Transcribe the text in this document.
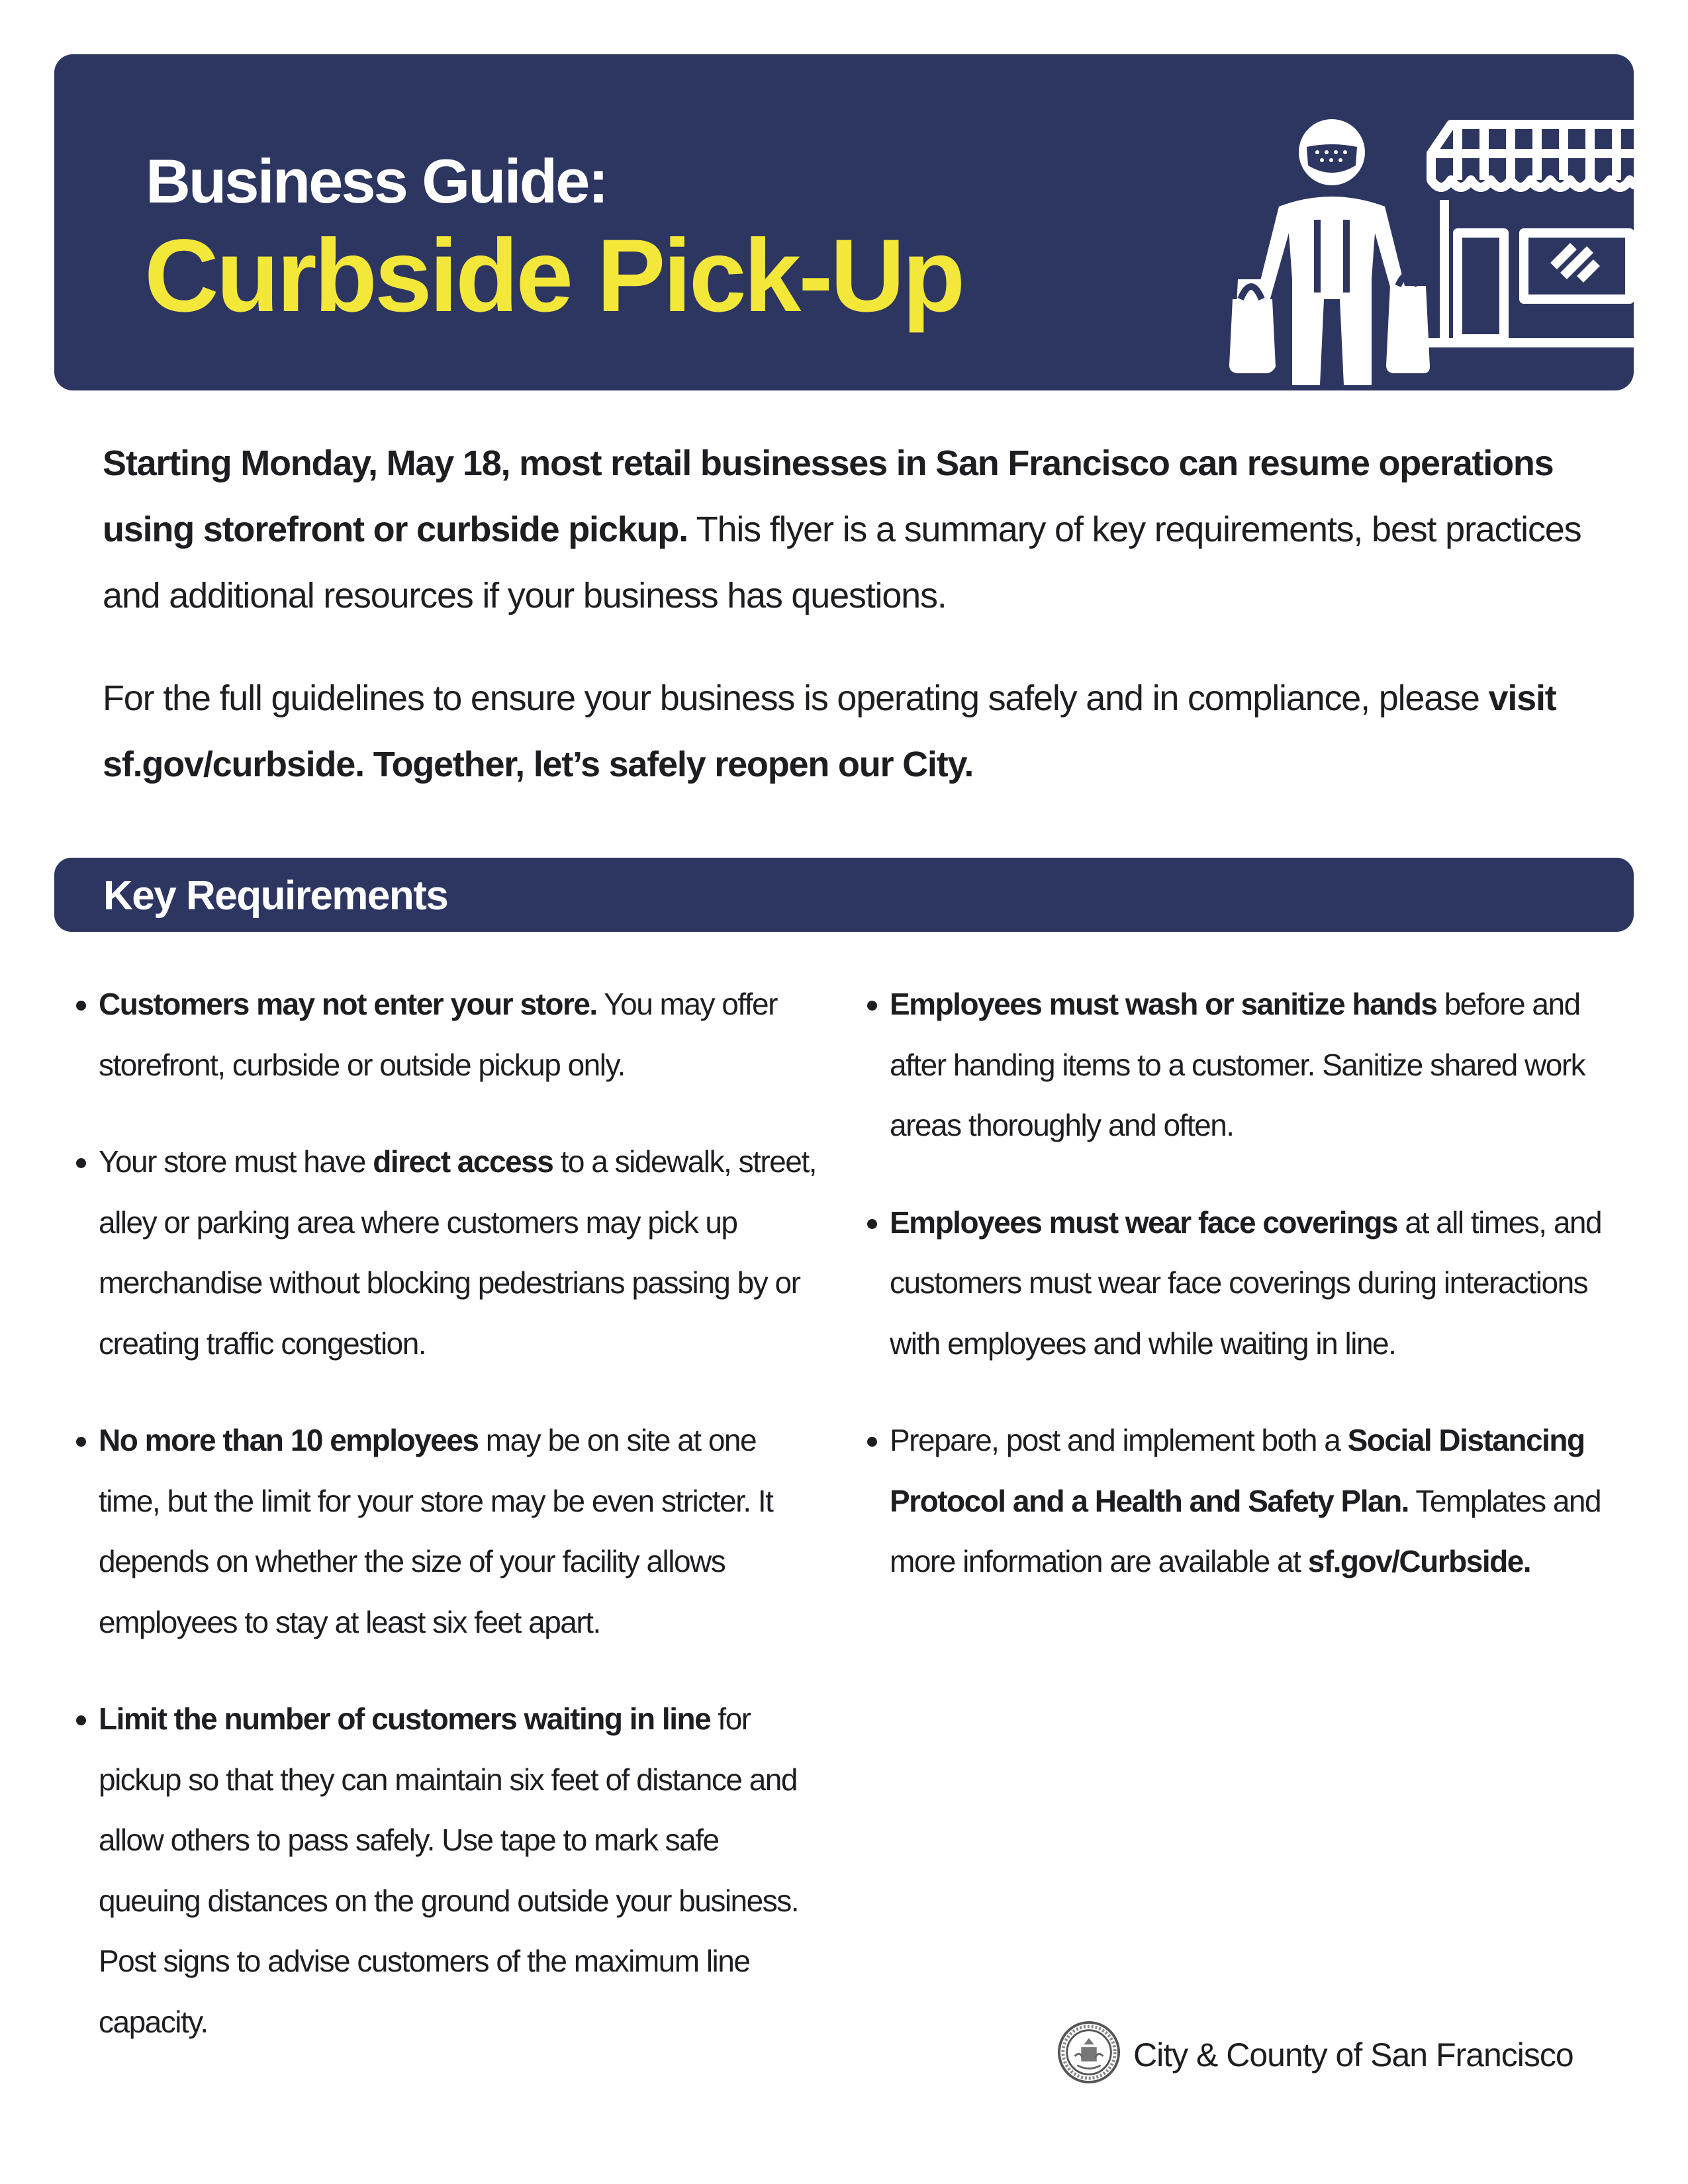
Business Guide:
Curbside Pick-Up

Starting Monday, May 18, most retail businesses in San Francisco can resume operations using storefront or curbside pickup. This flyer is a summary of key requirements, best practices and additional resources if your business has questions.

For the full guidelines to ensure your business is operating safely and in compliance, please visit sf.gov/curbside. Together, let’s safely reopen our City.

Key Requirements
Customers may not enter your store. You may offer storefront, curbside or outside pickup only.
Your store must have direct access to a sidewalk, street, alley or parking area where customers may pick up merchandise without blocking pedestrians passing by or creating traffic congestion.
No more than 10 employees may be on site at one time, but the limit for your store may be even stricter. It depends on whether the size of your facility allows employees to stay at least six feet apart.
Limit the number of customers waiting in line for pickup so that they can maintain six feet of distance and allow others to pass safely. Use tape to mark safe queuing distances on the ground outside your business. Post signs to advise customers of the maximum line capacity.
Employees must wash or sanitize hands before and after handing items to a customer. Sanitize shared work areas thoroughly and often.
Employees must wear face coverings at all times, and customers must wear face coverings during interactions with employees and while waiting in line.
Prepare, post and implement both a Social Distancing Protocol and a Health and Safety Plan. Templates and more information are available at sf.gov/Curbside.
City & County of San Francisco
